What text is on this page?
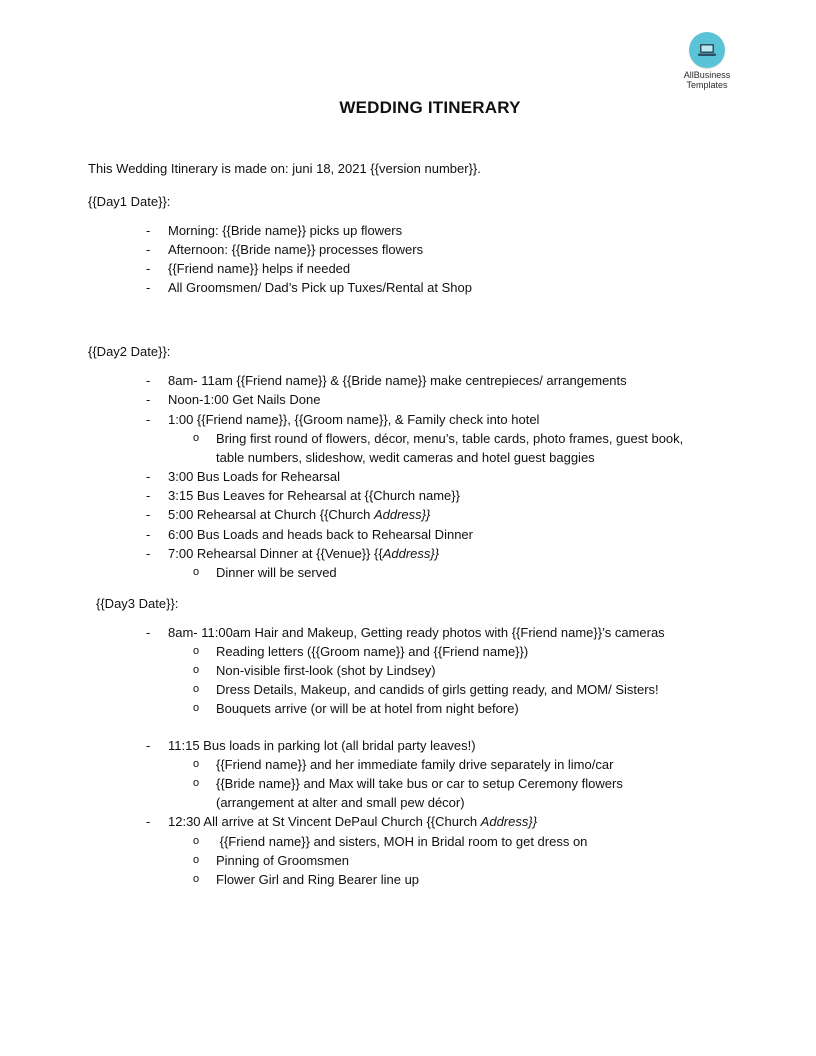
AllBusiness
Templates
WEDDING ITINERARY
This Wedding Itinerary is made on: juni 18, 2021 {{version number}}.
{{Day1 Date}}:
- Morning: {{Bride name}} picks up flowers
- Afternoon: {{Bride name}} processes flowers
- {{Friend name}} helps if needed
- All Groomsmen/ Dad’s Pick up Tuxes/Rental at Shop
{{Day2 Date}}:
- 8am- 11am {{Friend name}} & {{Bride name}} make centrepieces/ arrangements
- Noon-1:00 Get Nails Done
- 1:00 {{Friend name}}, {{Groom name}}, & Family check into hotel
o Bring first round of flowers, décor, menu’s, table cards, photo frames, guest book,
table numbers, slideshow, wedit cameras and hotel guest baggies
- 3:00 Bus Loads for Rehearsal
- 3:15 Bus Leaves for Rehearsal at {{Church name}}
- 5:00 Rehearsal at Church {{Church Address}}
- 6:00 Bus Loads and heads back to Rehearsal Dinner
- 7:00 Rehearsal Dinner at {{Venue}} {{Address}}
o Dinner will be served
{{Day3 Date}}:
- 8am- 11:00am Hair and Makeup, Getting ready photos with {{Friend name}}’s cameras
o Reading letters ({{Groom name}} and {{Friend name}})
o Non-visible first-look (shot by Lindsey)
o Dress Details, Makeup, and candids of girls getting ready, and MOM/ Sisters!
o Bouquets arrive (or will be at hotel from night before)
- 11:15 Bus loads in parking lot (all bridal party leaves!)
o {{Friend name}} and her immediate family drive separately in limo/car
o {{Bride name}} and Max will take bus or car to setup Ceremony flowers
(arrangement at alter and small pew décor)
- 12:30 All arrive at St Vincent DePaul Church {{Church Address}}
o {{Friend name}} and sisters, MOH in Bridal room to get dress on
o Pinning of Groomsmen
o Flower Girl and Ring Bearer line up
